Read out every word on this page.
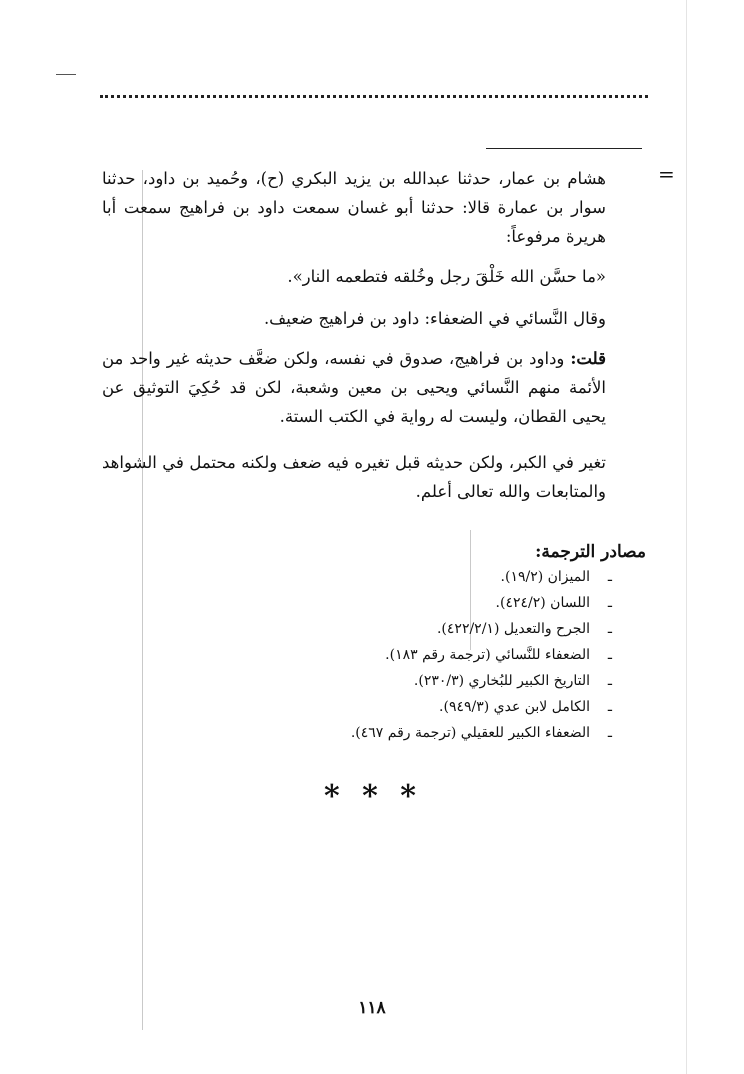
=

هشام بن عمار، حدثنا عبدالله بن يزيد البكري (ح)، وحُميد بن داود، حدثنا سوار بن عمارة قالا: حدثنا أبو غسان سمعت داود بن فراهيج سمعت أبا هريرة مرفوعاً:

«ما حسَّن الله خَلْقَ رجل وخُلقه فتطعمه النار».

وقال النَّسائي في الضعفاء: داود بن فراهيج ضعيف.

قلت: وداود بن فراهيج، صدوق في نفسه، ولكن ضعَّف حديثه غير واحد من الأئمة منهم النَّسائي ويحيى بن معين وشعبة، لكن قد حُكِيَ التوثيق عن يحيى القطان، وليست له رواية في الكتب الستة.

تغير في الكبر، ولكن حديثه قبل تغيره فيه ضعف ولكنه محتمل في الشواهد والمتابعات والله تعالى أعلم.

مصادر الترجمة:

ـالميزان (١٩/٢).
ـاللسان (٤٢٤/٢).
ـالجرح والتعديل (٤٢٢/٢/١).
ـالضعفاء للنَّسائي (ترجمة رقم ١٨٣).
ـالتاريخ الكبير للبُخاري (٢٣٠/٣).
ـالكامل لابن عدي (٩٤٩/٣).
ـالضعفاء الكبير للعقيلي (ترجمة رقم ٤٦٧).
* * *
١١٨
